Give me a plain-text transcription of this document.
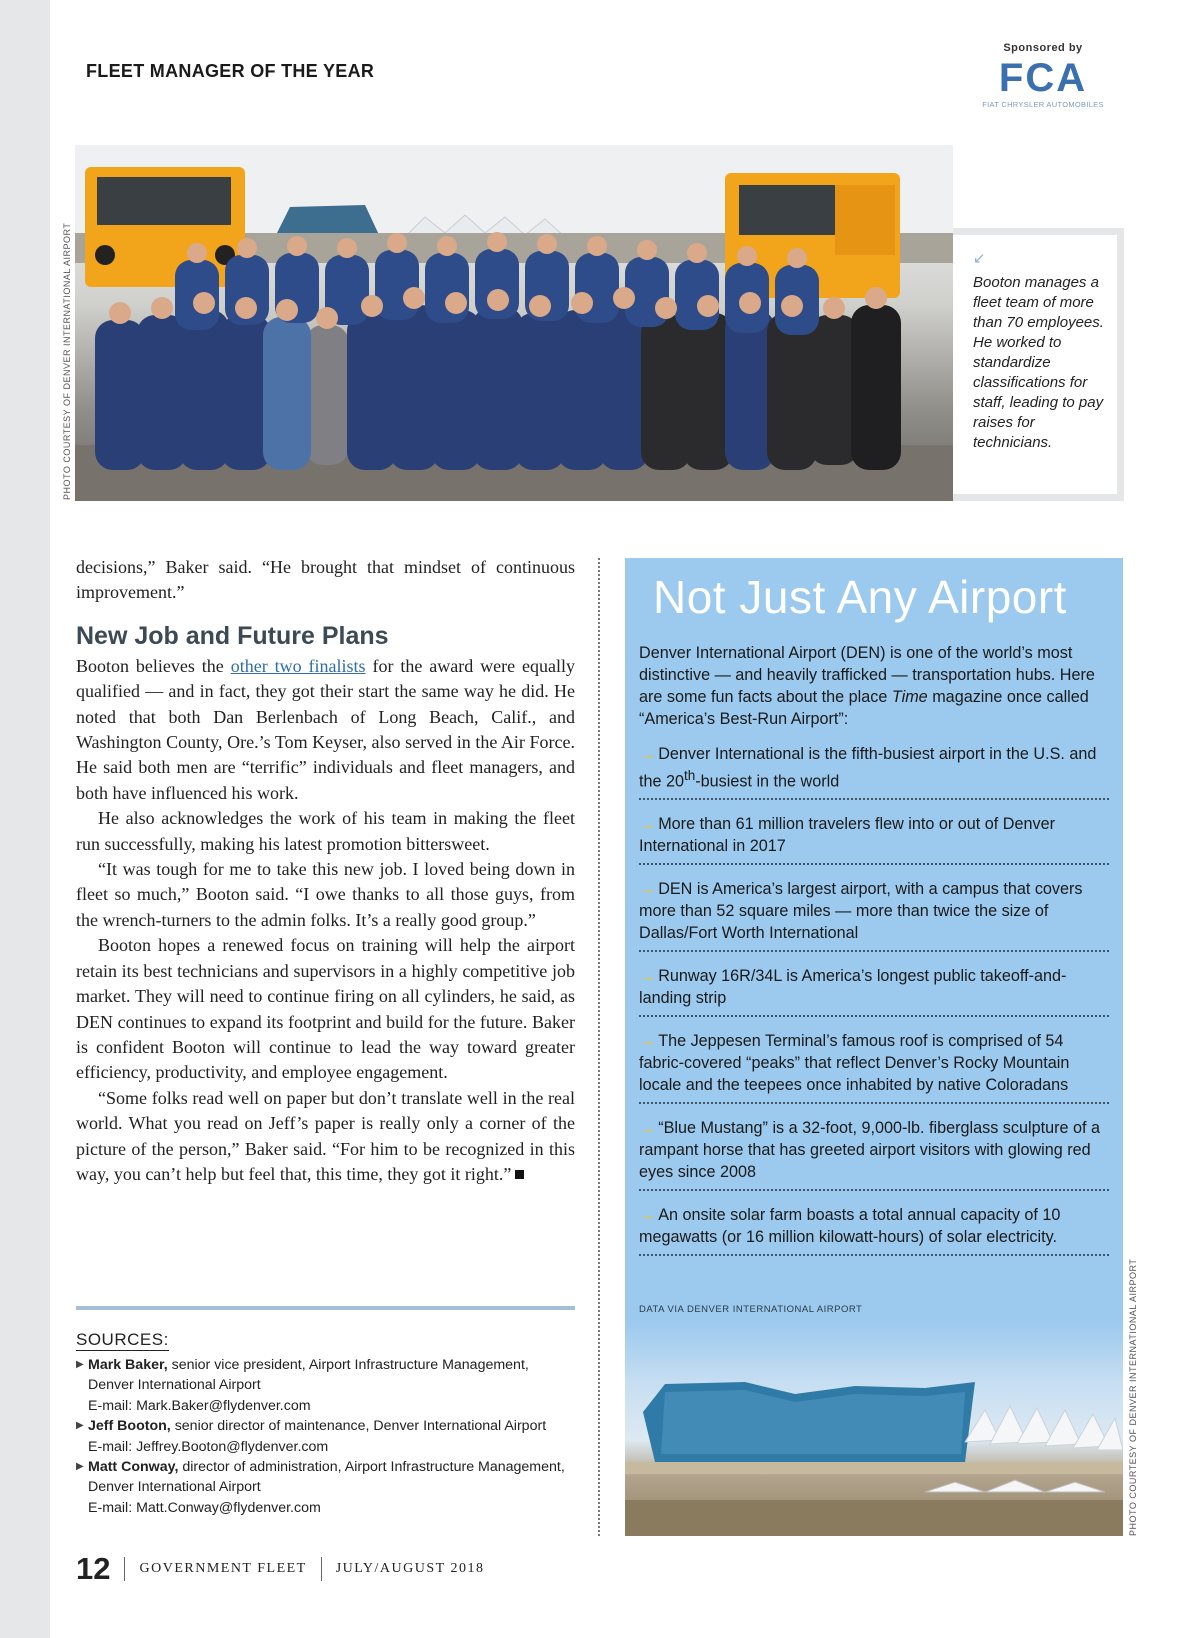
FLEET MANAGER OF THE YEAR
Sponsored by
FCA
FIAT CHRYSLER AUTOMOBILES
PHOTO COURTESY OF DENVER INTERNATIONAL AIRPORT	↙
Booton manages a fleet team of more than 70 employees. He worked to standardize classifications for staff, leading to pay raises for technicians.

decisions,” Baker said. “He brought that mindset of continuous improvement.”

New Job and Future Plans

Booton believes the other two finalists for the award were equally qualified — and in fact, they got their start the same way he did. He noted that both Dan Berlenbach of Long Beach, Calif., and Washington County, Ore.’s Tom Keyser, also served in the Air Force. He said both men are “terrific” individuals and fleet managers, and both have influenced his work.

He also acknowledges the work of his team in making the fleet run successfully, making his latest promotion bittersweet.

“It was tough for me to take this new job. I loved being down in fleet so much,” Booton said. “I owe thanks to all those guys, from the wrench-turners to the admin folks. It’s a really good group.”

Booton hopes a renewed focus on training will help the airport retain its best technicians and supervisors in a highly competitive job market. They will need to continue firing on all cylinders, he said, as DEN continues to expand its footprint and build for the future. Baker is confident Booton will continue to lead the way toward greater efficiency, productivity, and employee engagement.

“Some folks read well on paper but don’t translate well in the real world. What you read on Jeff’s paper is really only a corner of the picture of the person,” Baker said. “For him to be recognized in this way, you can’t help but feel that, this time, they got it right.”

SOURCES:
▶ Mark Baker, senior vice president, Airport Infrastructure Management, Denver International Airport
E-mail: Mark.Baker@flydenver.com
▶ Jeff Booton, senior director of maintenance, Denver International Airport
E-mail: Jeffrey.Booton@flydenver.com
▶ Matt Conway, director of administration, Airport Infrastructure Management, Denver International Airport
E-mail: Matt.Conway@flydenver.com
Not Just Any Airport
Denver International Airport (DEN) is one of the world’s most distinctive — and heavily trafficked — transportation hubs. Here are some fun facts about the place Time magazine once called “America’s Best-Run Airport”:
→ Denver International is the fifth-busiest airport in the U.S. and the 20th-busiest in the world
→ More than 61 million travelers flew into or out of Denver International in 2017
→ DEN is America’s largest airport, with a campus that covers more than 52 square miles — more than twice the size of Dallas/Fort Worth International
→ Runway 16R/34L is America’s longest public takeoff-and-landing strip
→ The Jeppesen Terminal’s famous roof is comprised of 54 fabric-covered “peaks” that reflect Denver’s Rocky Mountain locale and the teepees once inhabited by native Coloradans
→ “Blue Mustang” is a 32-foot, 9,000-lb. fiberglass sculpture of a rampant horse that has greeted airport visitors with glowing red eyes since 2008
→ An onsite solar farm boasts a total annual capacity of 10 megawatts (or 16 million kilowatt-hours) of solar electricity.
DATA VIA DENVER INTERNATIONAL AIRPORT	PHOTO COURTESY OF DENVER INTERNATIONAL AIRPORT
12 GOVERNMENT FLEET JULY/AUGUST 2018
